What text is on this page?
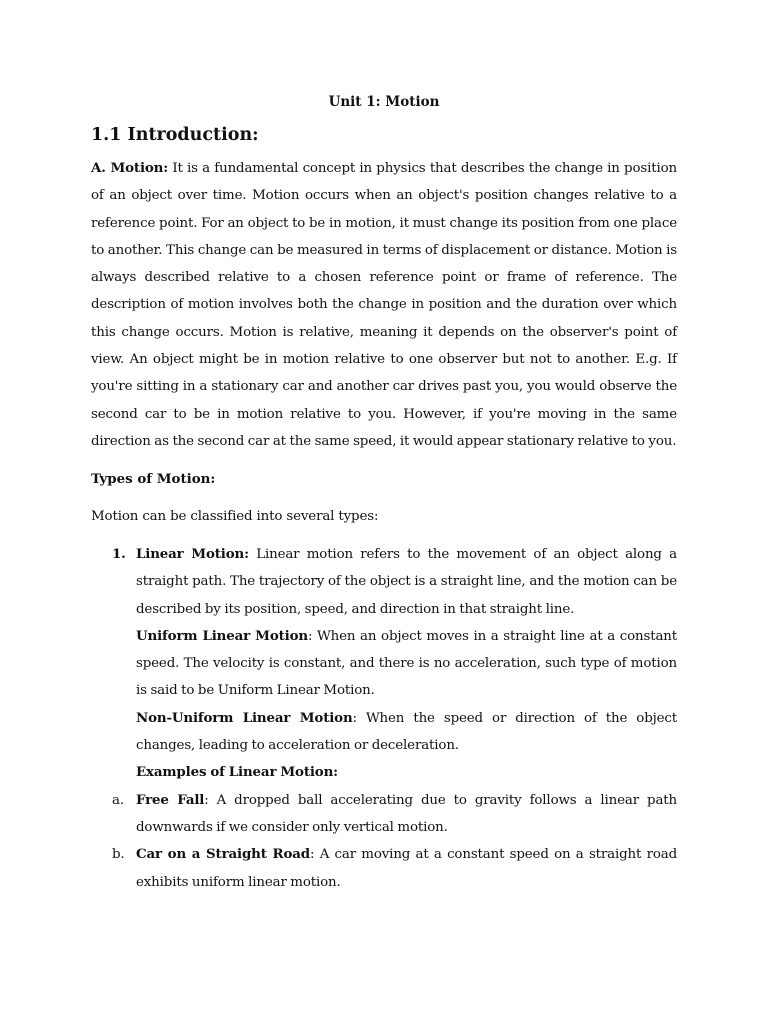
Unit 1: Motion
1.1 Introduction:

A. Motion: It is a fundamental concept in physics that describes the change in position of an object over time. Motion occurs when an object's position changes relative to a reference point. For an object to be in motion, it must change its position from one place to another. This change can be measured in terms of displacement or distance. Motion is always described relative to a chosen reference point or frame of reference. The description of motion involves both the change in position and the duration over which this change occurs. Motion is relative, meaning it depends on the observer's point of view. An object might be in motion relative to one observer but not to another. E.g. If you're sitting in a stationary car and another car drives past you, you would observe the second car to be in motion relative to you. However, if you're moving in the same direction as the second car at the same speed, it would appear stationary relative to you.

Types of Motion:

Motion can be classified into several types:

1. Linear Motion: Linear motion refers to the movement of an object along a straight path. The trajectory of the object is a straight line, and the motion can be described by its position, speed, and direction in that straight line.
Uniform Linear Motion: When an object moves in a straight line at a constant speed. The velocity is constant, and there is no acceleration, such type of motion is said to be Uniform Linear Motion.
Non-Uniform Linear Motion: When the speed or direction of the object changes, leading to acceleration or deceleration.
Examples of Linear Motion:
a. Free Fall: A dropped ball accelerating due to gravity follows a linear path downwards if we consider only vertical motion.
b. Car on a Straight Road: A car moving at a constant speed on a straight road exhibits uniform linear motion.
